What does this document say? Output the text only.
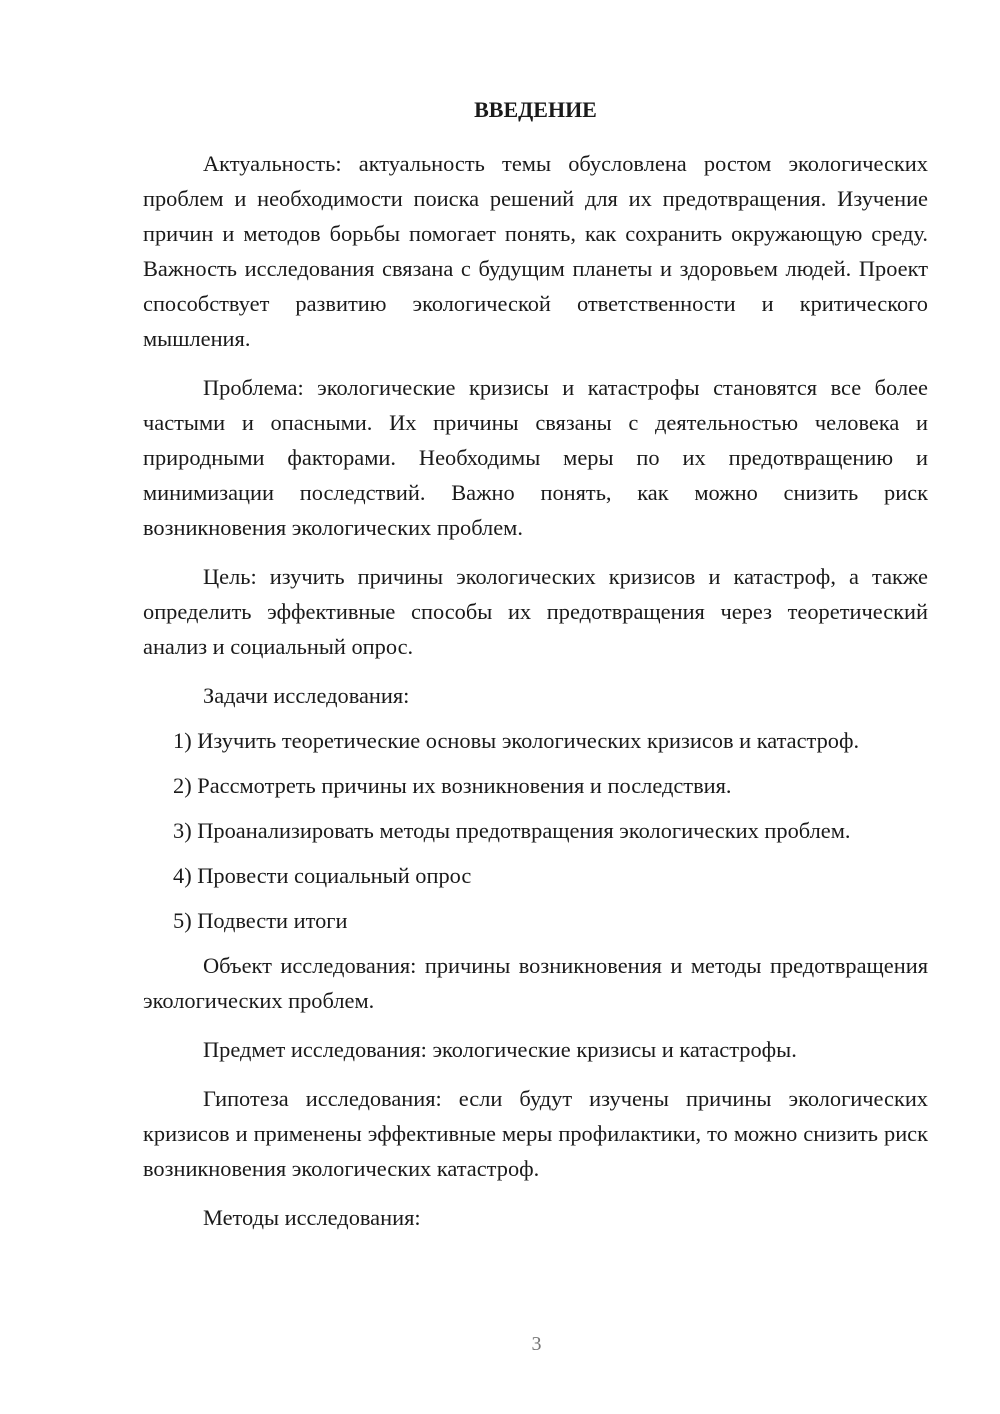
ВВЕДЕНИЕ

Актуальность: актуальность темы обусловлена ростом экологических проблем и необходимости поиска решений для их предотвращения. Изучение причин и методов борьбы помогает понять, как сохранить окружающую среду. Важность исследования связана с будущим планеты и здоровьем людей. Проект способствует развитию экологической ответственности и критического мышления.

Проблема: экологические кризисы и катастрофы становятся все более частыми и опасными. Их причины связаны с деятельностью человека и природными факторами. Необходимы меры по их предотвращению и минимизации последствий. Важно понять, как можно снизить риск возникновения экологических проблем.

Цель: изучить причины экологических кризисов и катастроф, а также определить эффективные способы их предотвращения через теоретический анализ и социальный опрос.

Задачи исследования:

1) Изучить теоретические основы экологических кризисов и катастроф.

2) Рассмотреть причины их возникновения и последствия.

3) Проанализировать методы предотвращения экологических проблем.

4) Провести социальный опрос

5) Подвести итоги

Объект исследования: причины возникновения и методы предотвращения экологических проблем.

Предмет исследования: экологические кризисы и катастрофы.

Гипотеза исследования: если будут изучены причины экологических кризисов и применены эффективные меры профилактики, то можно снизить риск возникновения экологических катастроф.

Методы исследования:

3
